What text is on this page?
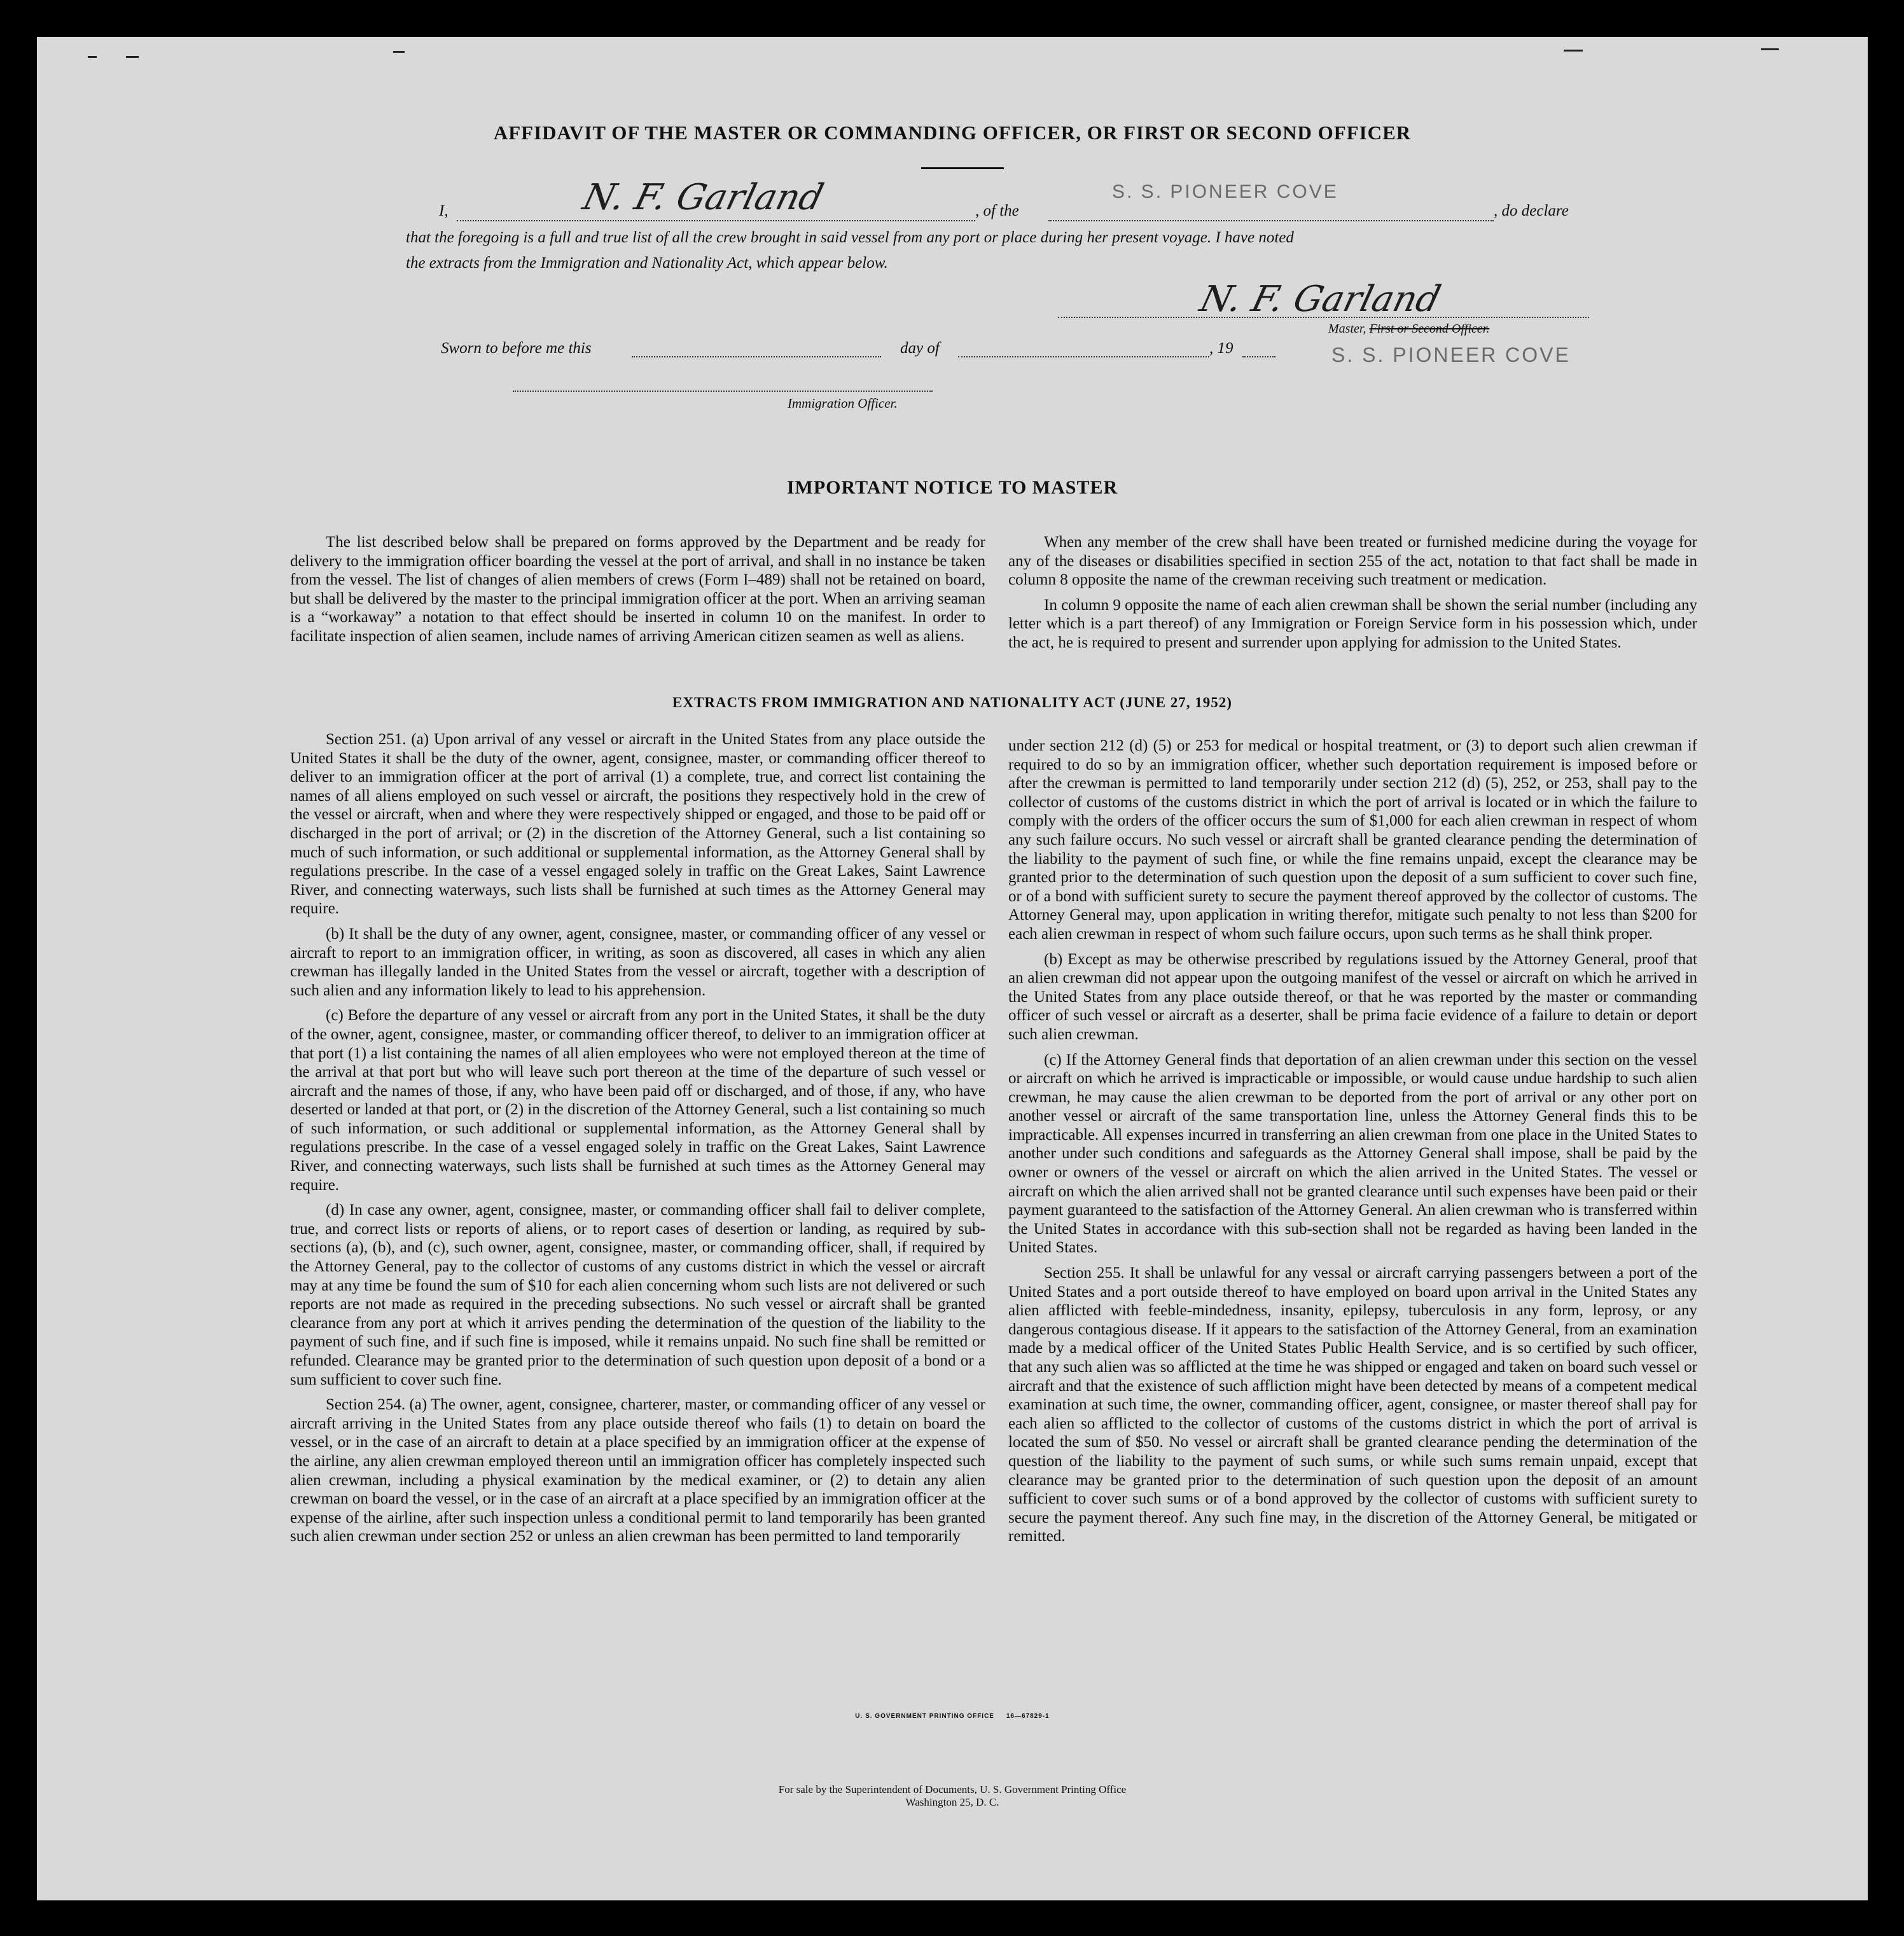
AFFIDAVIT OF THE MASTER OR COMMANDING OFFICER, OR FIRST OR SECOND OFFICER
I,	N. F. Garland	, of the
S. S. PIONEER COVE
, do declare
that the foregoing is a full and true list of all the crew brought in said vessel from any port or place during her present voyage. I have noted
the extracts from the Immigration and Nationality Act, which appear below.
N. F. Garland
Master, First or Second Officer.
Sworn to before me this	day of	, 19	S. S. PIONEER COVE
Immigration Officer.
IMPORTANT NOTICE TO MASTER

The list described below shall be prepared on forms approved by the Department and be ready for delivery to the immigration officer boarding the vessel at the port of arrival, and shall in no instance be taken from the vessel. The list of changes of alien members of crews (Form I–489) shall not be retained on board, but shall be delivered by the master to the principal immigration officer at the port. When an arriving seaman is a “workaway” a notation to that effect should be inserted in column 10 on the manifest. In order to facilitate inspection of alien seamen, include names of arriving American citizen seamen as well as aliens.

When any member of the crew shall have been treated or furnished medicine during the voyage for any of the diseases or disabilities specified in section 255 of the act, notation to that fact shall be made in column 8 opposite the name of the crewman receiving such treatment or medication.

In column 9 opposite the name of each alien crewman shall be shown the serial number (including any letter which is a part thereof) of any Immigration or Foreign Service form in his possession which, under the act, he is required to present and surrender upon applying for admission to the United States.

EXTRACTS FROM IMMIGRATION AND NATIONALITY ACT (JUNE 27, 1952)

Section 251. (a) Upon arrival of any vessel or aircraft in the United States from any place outside the United States it shall be the duty of the owner, agent, consignee, master, or commanding officer thereof to deliver to an immigration officer at the port of arrival (1) a complete, true, and correct list containing the names of all aliens employed on such vessel or aircraft, the positions they respectively hold in the crew of the vessel or aircraft, when and where they were respectively shipped or engaged, and those to be paid off or discharged in the port of arrival; or (2) in the discretion of the Attorney General, such a list containing so much of such information, or such additional or supplemental information, as the Attorney General shall by regulations prescribe. In the case of a vessel engaged solely in traffic on the Great Lakes, Saint Lawrence River, and connecting waterways, such lists shall be furnished at such times as the Attorney General may require.

(b) It shall be the duty of any owner, agent, consignee, master, or commanding officer of any vessel or aircraft to report to an immigration officer, in writing, as soon as discovered, all cases in which any alien crewman has illegally landed in the United States from the vessel or aircraft, together with a description of such alien and any information likely to lead to his apprehension.

(c) Before the departure of any vessel or aircraft from any port in the United States, it shall be the duty of the owner, agent, consignee, master, or commanding officer thereof, to deliver to an immigration officer at that port (1) a list containing the names of all alien employees who were not employed thereon at the time of the arrival at that port but who will leave such port thereon at the time of the departure of such vessel or aircraft and the names of those, if any, who have been paid off or discharged, and of those, if any, who have deserted or landed at that port, or (2) in the discretion of the Attorney General, such a list containing so much of such information, or such additional or supplemental information, as the Attorney General shall by regulations prescribe. In the case of a vessel engaged solely in traffic on the Great Lakes, Saint Lawrence River, and connecting waterways, such lists shall be furnished at such times as the Attorney General may require.

(d) In case any owner, agent, consignee, master, or commanding officer shall fail to deliver complete, true, and correct lists or reports of aliens, or to report cases of desertion or landing, as required by sub-sections (a), (b), and (c), such owner, agent, consignee, master, or commanding officer, shall, if required by the Attorney General, pay to the collector of customs of any customs district in which the vessel or aircraft may at any time be found the sum of $10 for each alien concerning whom such lists are not delivered or such reports are not made as required in the preceding subsections. No such vessel or aircraft shall be granted clearance from any port at which it arrives pending the determination of the question of the liability to the payment of such fine, and if such fine is imposed, while it remains unpaid. No such fine shall be remitted or refunded. Clearance may be granted prior to the determination of such question upon deposit of a bond or a sum sufficient to cover such fine.

Section 254. (a) The owner, agent, consignee, charterer, master, or commanding officer of any vessel or aircraft arriving in the United States from any place outside thereof who fails (1) to detain on board the vessel, or in the case of an aircraft to detain at a place specified by an immigration officer at the expense of the airline, any alien crewman employed thereon until an immigration officer has completely inspected such alien crewman, including a physical examination by the medical examiner, or (2) to detain any alien crewman on board the vessel, or in the case of an aircraft at a place specified by an immigration officer at the expense of the airline, after such inspection unless a conditional permit to land temporarily has been granted such alien crewman under section 252 or unless an alien crewman has been permitted to land temporarily

under section 212 (d) (5) or 253 for medical or hospital treatment, or (3) to deport such alien crewman if required to do so by an immigration officer, whether such deportation requirement is imposed before or after the crewman is permitted to land temporarily under section 212 (d) (5), 252, or 253, shall pay to the collector of customs of the customs district in which the port of arrival is located or in which the failure to comply with the orders of the officer occurs the sum of $1,000 for each alien crewman in respect of whom any such failure occurs. No such vessel or aircraft shall be granted clearance pending the determination of the liability to the payment of such fine, or while the fine remains unpaid, except the clearance may be granted prior to the determination of such question upon the deposit of a sum sufficient to cover such fine, or of a bond with sufficient surety to secure the payment thereof approved by the collector of customs. The Attorney General may, upon application in writing therefor, mitigate such penalty to not less than $200 for each alien crewman in respect of whom such failure occurs, upon such terms as he shall think proper.

(b) Except as may be otherwise prescribed by regulations issued by the Attorney General, proof that an alien crewman did not appear upon the outgoing manifest of the vessel or aircraft on which he arrived in the United States from any place outside thereof, or that he was reported by the master or commanding officer of such vessel or aircraft as a deserter, shall be prima facie evidence of a failure to detain or deport such alien crewman.

(c) If the Attorney General finds that deportation of an alien crewman under this section on the vessel or aircraft on which he arrived is impracticable or impossible, or would cause undue hardship to such alien crewman, he may cause the alien crewman to be deported from the port of arrival or any other port on another vessel or aircraft of the same transportation line, unless the Attorney General finds this to be impracticable. All expenses incurred in transferring an alien crewman from one place in the United States to another under such conditions and safeguards as the Attorney General shall impose, shall be paid by the owner or owners of the vessel or aircraft on which the alien arrived in the United States. The vessel or aircraft on which the alien arrived shall not be granted clearance until such expenses have been paid or their payment guaranteed to the satisfaction of the Attorney General. An alien crewman who is transferred within the United States in accordance with this sub-section shall not be regarded as having been landed in the United States.

Section 255. It shall be unlawful for any vessal or aircraft carrying passengers between a port of the United States and a port outside thereof to have employed on board upon arrival in the United States any alien afflicted with feeble-mindedness, insanity, epilepsy, tuberculosis in any form, leprosy, or any dangerous contagious disease. If it appears to the satisfaction of the Attorney General, from an examination made by a medical officer of the United States Public Health Service, and is so certified by such officer, that any such alien was so afflicted at the time he was shipped or engaged and taken on board such vessel or aircraft and that the existence of such affliction might have been detected by means of a competent medical examination at such time, the owner, commanding officer, agent, consignee, or master thereof shall pay for each alien so afflicted to the collector of customs of the customs district in which the port of arrival is located the sum of $50. No vessel or aircraft shall be granted clearance pending the determination of the question of the liability to the payment of such sums, or while such sums remain unpaid, except that clearance may be granted prior to the determination of such question upon the deposit of an amount sufficient to cover such sums or of a bond approved by the collector of customs with sufficient surety to secure the payment thereof. Any such fine may, in the discretion of the Attorney General, be mitigated or remitted.

U. S. GOVERNMENT PRINTING OFFICE     16—67829-1
For sale by the Superintendent of Documents, U. S. Government Printing Office
Washington 25, D. C.
